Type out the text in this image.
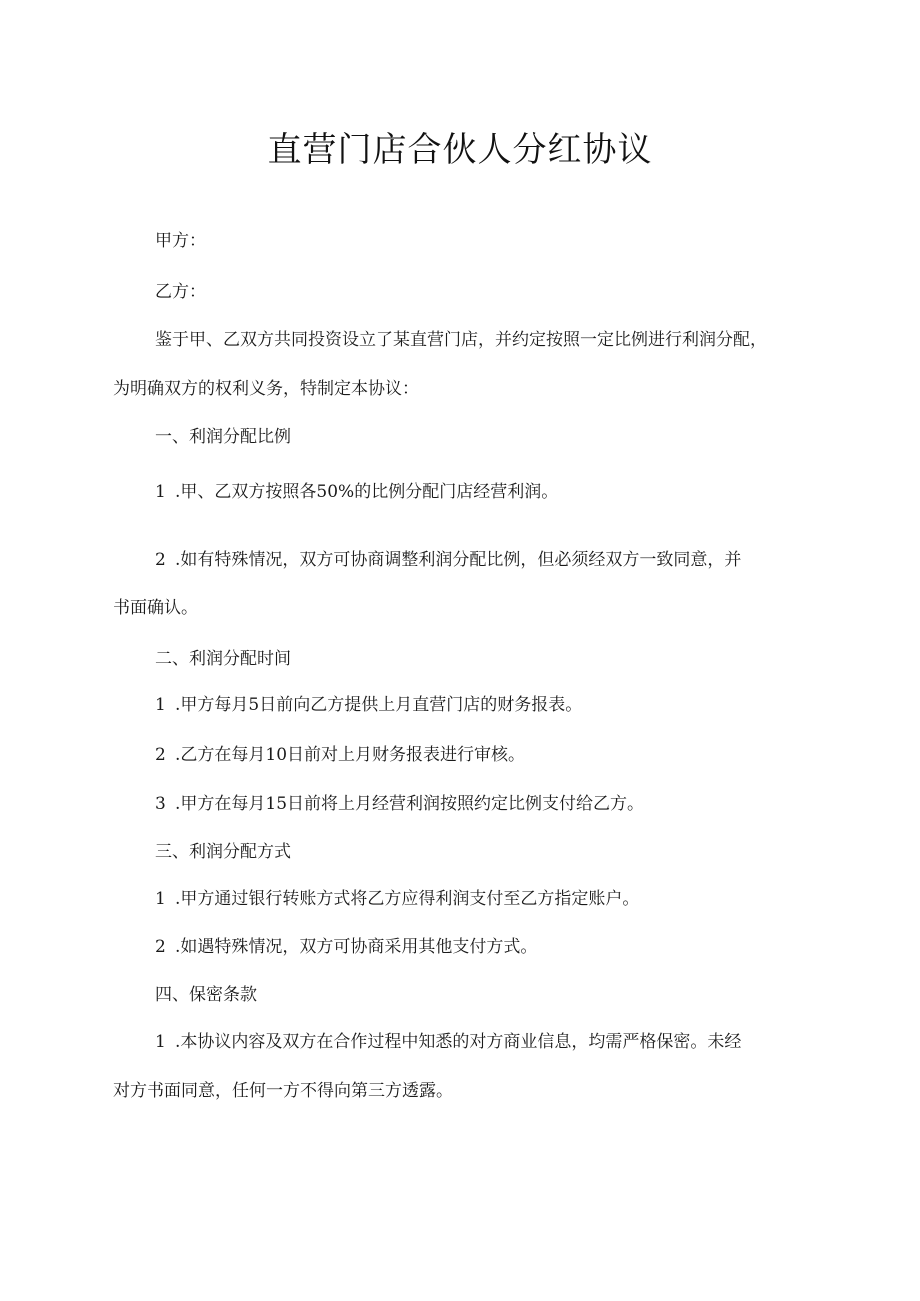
直营门店合伙人分红协议

甲方：

乙方：

鉴于甲、乙双方共同投资设立了某直营门店，并约定按照一定比例进行利润分配，

为明确双方的权利义务，特制定本协议：

一、利润分配比例

1 .甲、乙双方按照各50%的比例分配门店经营利润。

2 .如有特殊情况，双方可协商调整利润分配比例，但必须经双方一致同意，并

书面确认。

二、利润分配时间

1 .甲方每月5日前向乙方提供上月直营门店的财务报表。

2 .乙方在每月10日前对上月财务报表进行审核。

3 .甲方在每月15日前将上月经营利润按照约定比例支付给乙方。

三、利润分配方式

1 .甲方通过银行转账方式将乙方应得利润支付至乙方指定账户。

2 .如遇特殊情况，双方可协商采用其他支付方式。

四、保密条款

1 .本协议内容及双方在合作过程中知悉的对方商业信息，均需严格保密。未经

对方书面同意，任何一方不得向第三方透露。
